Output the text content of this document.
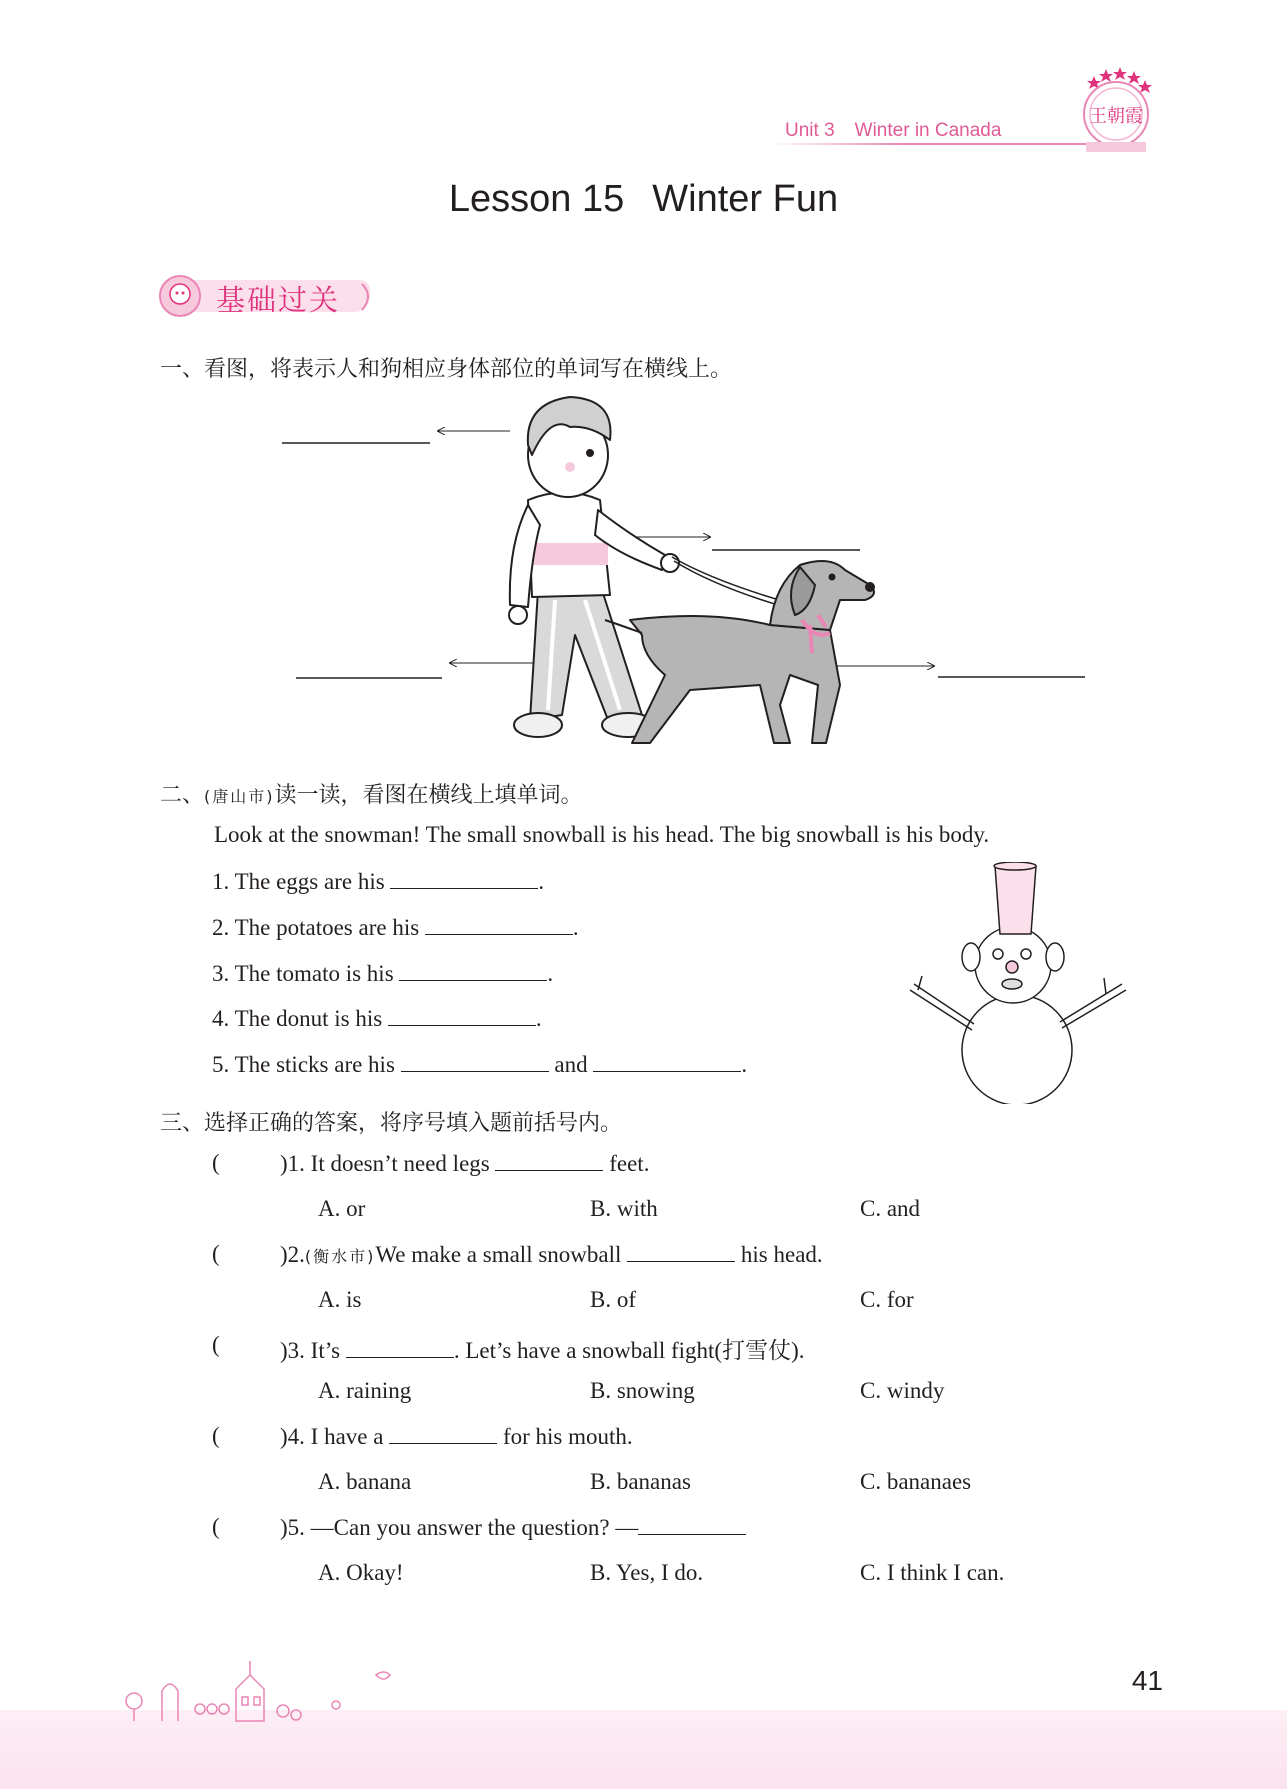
Unit 3 Winter in Canada
王朝霞
Lesson 15 Winter Fun
基础过关
一、看图，将表示人和狗相应身体部位的单词写在横线上。
二、(唐山市)读一读，看图在横线上填单词。
Look at the snowman! The small snowball is his head. The big snowball is his body.
1. The eggs are his	.
2. The potatoes are his	.
3. The tomato is his	.
4. The donut is his	.
5. The sticks are his	and	.
三、选择正确的答案，将序号填入题前括号内。
(	)1. It doesn’t need legs	feet.
A. or	B. with	C. and
(	)2.(衡水市)We make a small snowball	his head.
A. is	B. of	C. for
(	)3. It’s	. Let’s have a snowball fight(打雪仗).
A. raining	B. snowing	C. windy
(	)4. I have a	for his mouth.
A. banana	B. bananas	C. bananaes
(	)5. —Can you answer the question? —
A. Okay!	B. Yes, I do.	C. I think I can.
41
